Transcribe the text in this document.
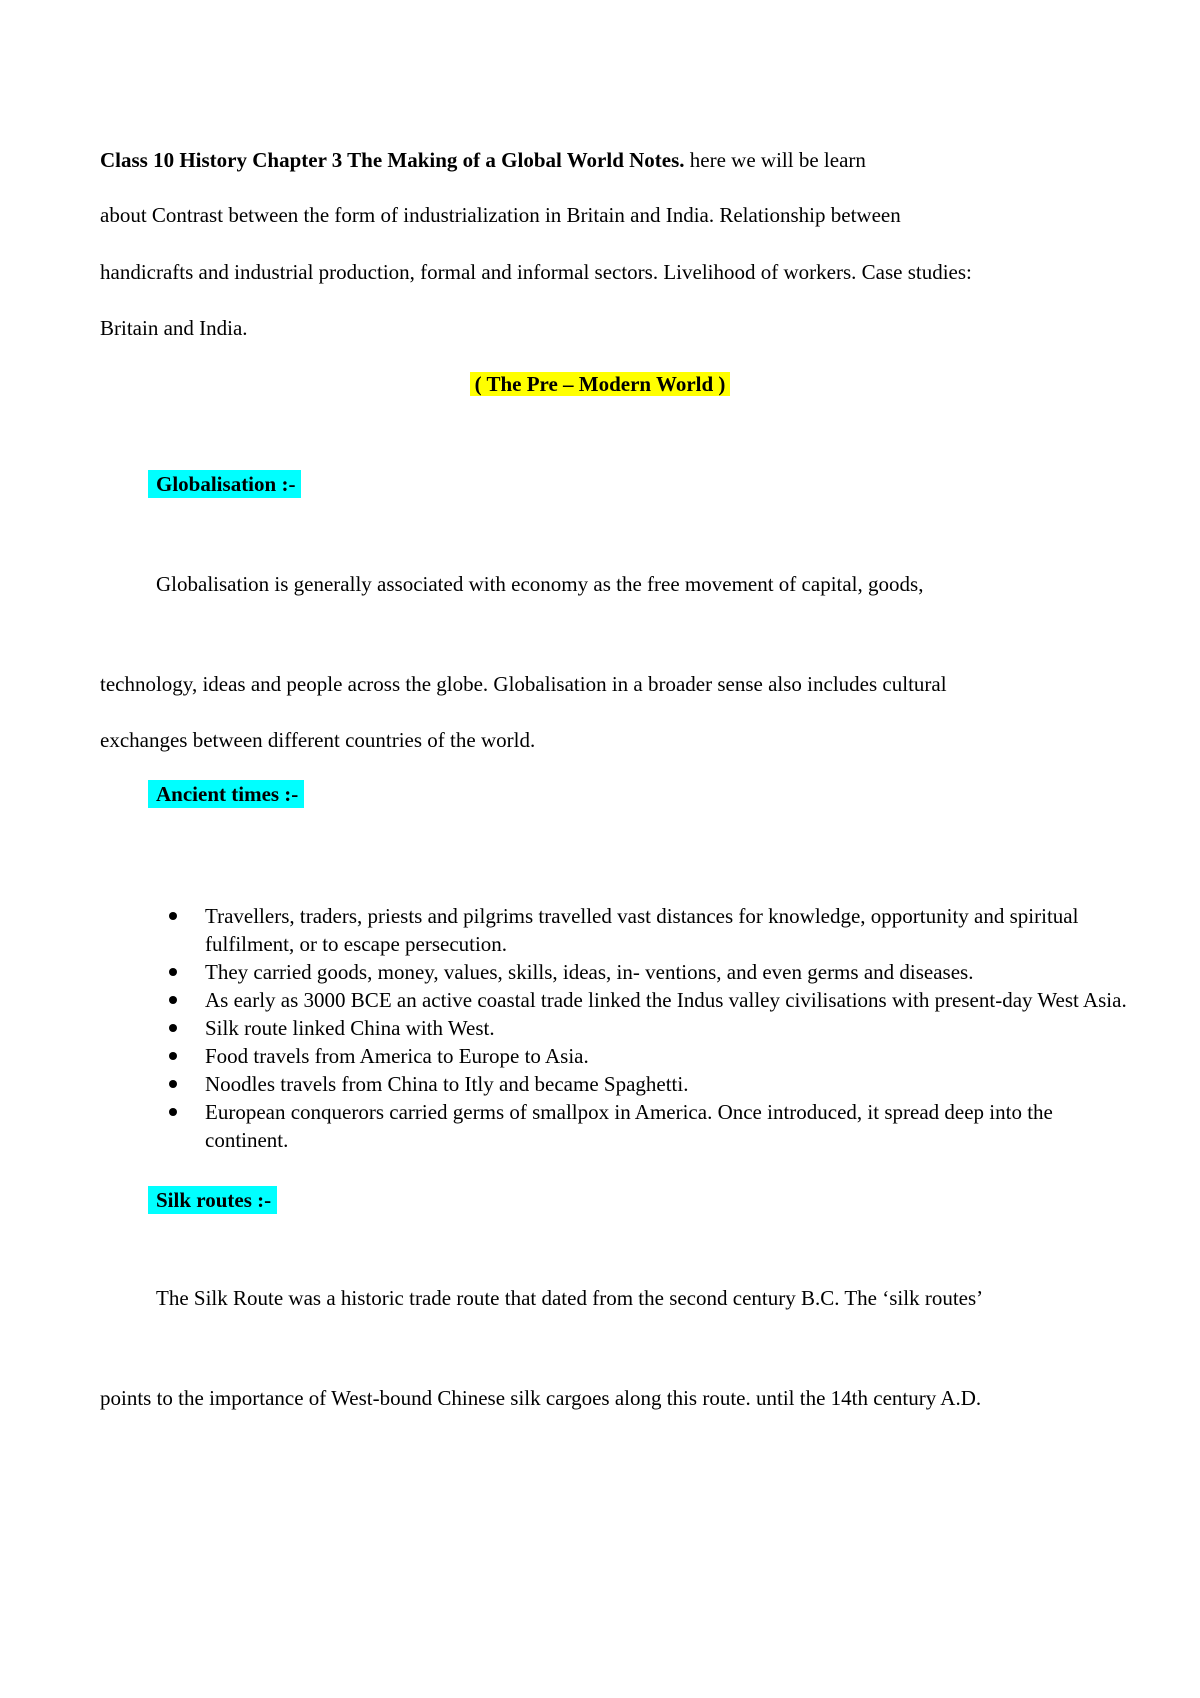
Class 10 History Chapter 3 The Making of a Global World Notes. here we will be learn
about Contrast between the form of industrialization in Britain and India. Relationship between
handicrafts and industrial production, formal and informal sectors. Livelihood of workers. Case studies:
Britain and India.
( The Pre – Modern World )
Globalisation :-
Globalisation is generally associated with economy as the free movement of capital, goods,
technology, ideas and people across the globe. Globalisation in a broader sense also includes cultural
exchanges between different countries of the world.
Ancient times :-
Travellers, traders, priests and pilgrims travelled vast distances for knowledge, opportunity and spiritual fulfilment, or to escape persecution.
They carried goods, money, values, skills, ideas, in- ventions, and even germs and diseases.
As early as 3000 BCE an active coastal trade linked the Indus valley civilisations with present-day West Asia.
Silk route linked China with West.
Food travels from America to Europe to Asia.
Noodles travels from China to Itly and became Spaghetti.
European conquerors carried germs of smallpox in America. Once introduced, it spread deep into the continent.
Silk routes :-
The Silk Route was a historic trade route that dated from the second century B.C. The ‘silk routes’
points to the importance of West-bound Chinese silk cargoes along this route. until the 14th century A.D.
